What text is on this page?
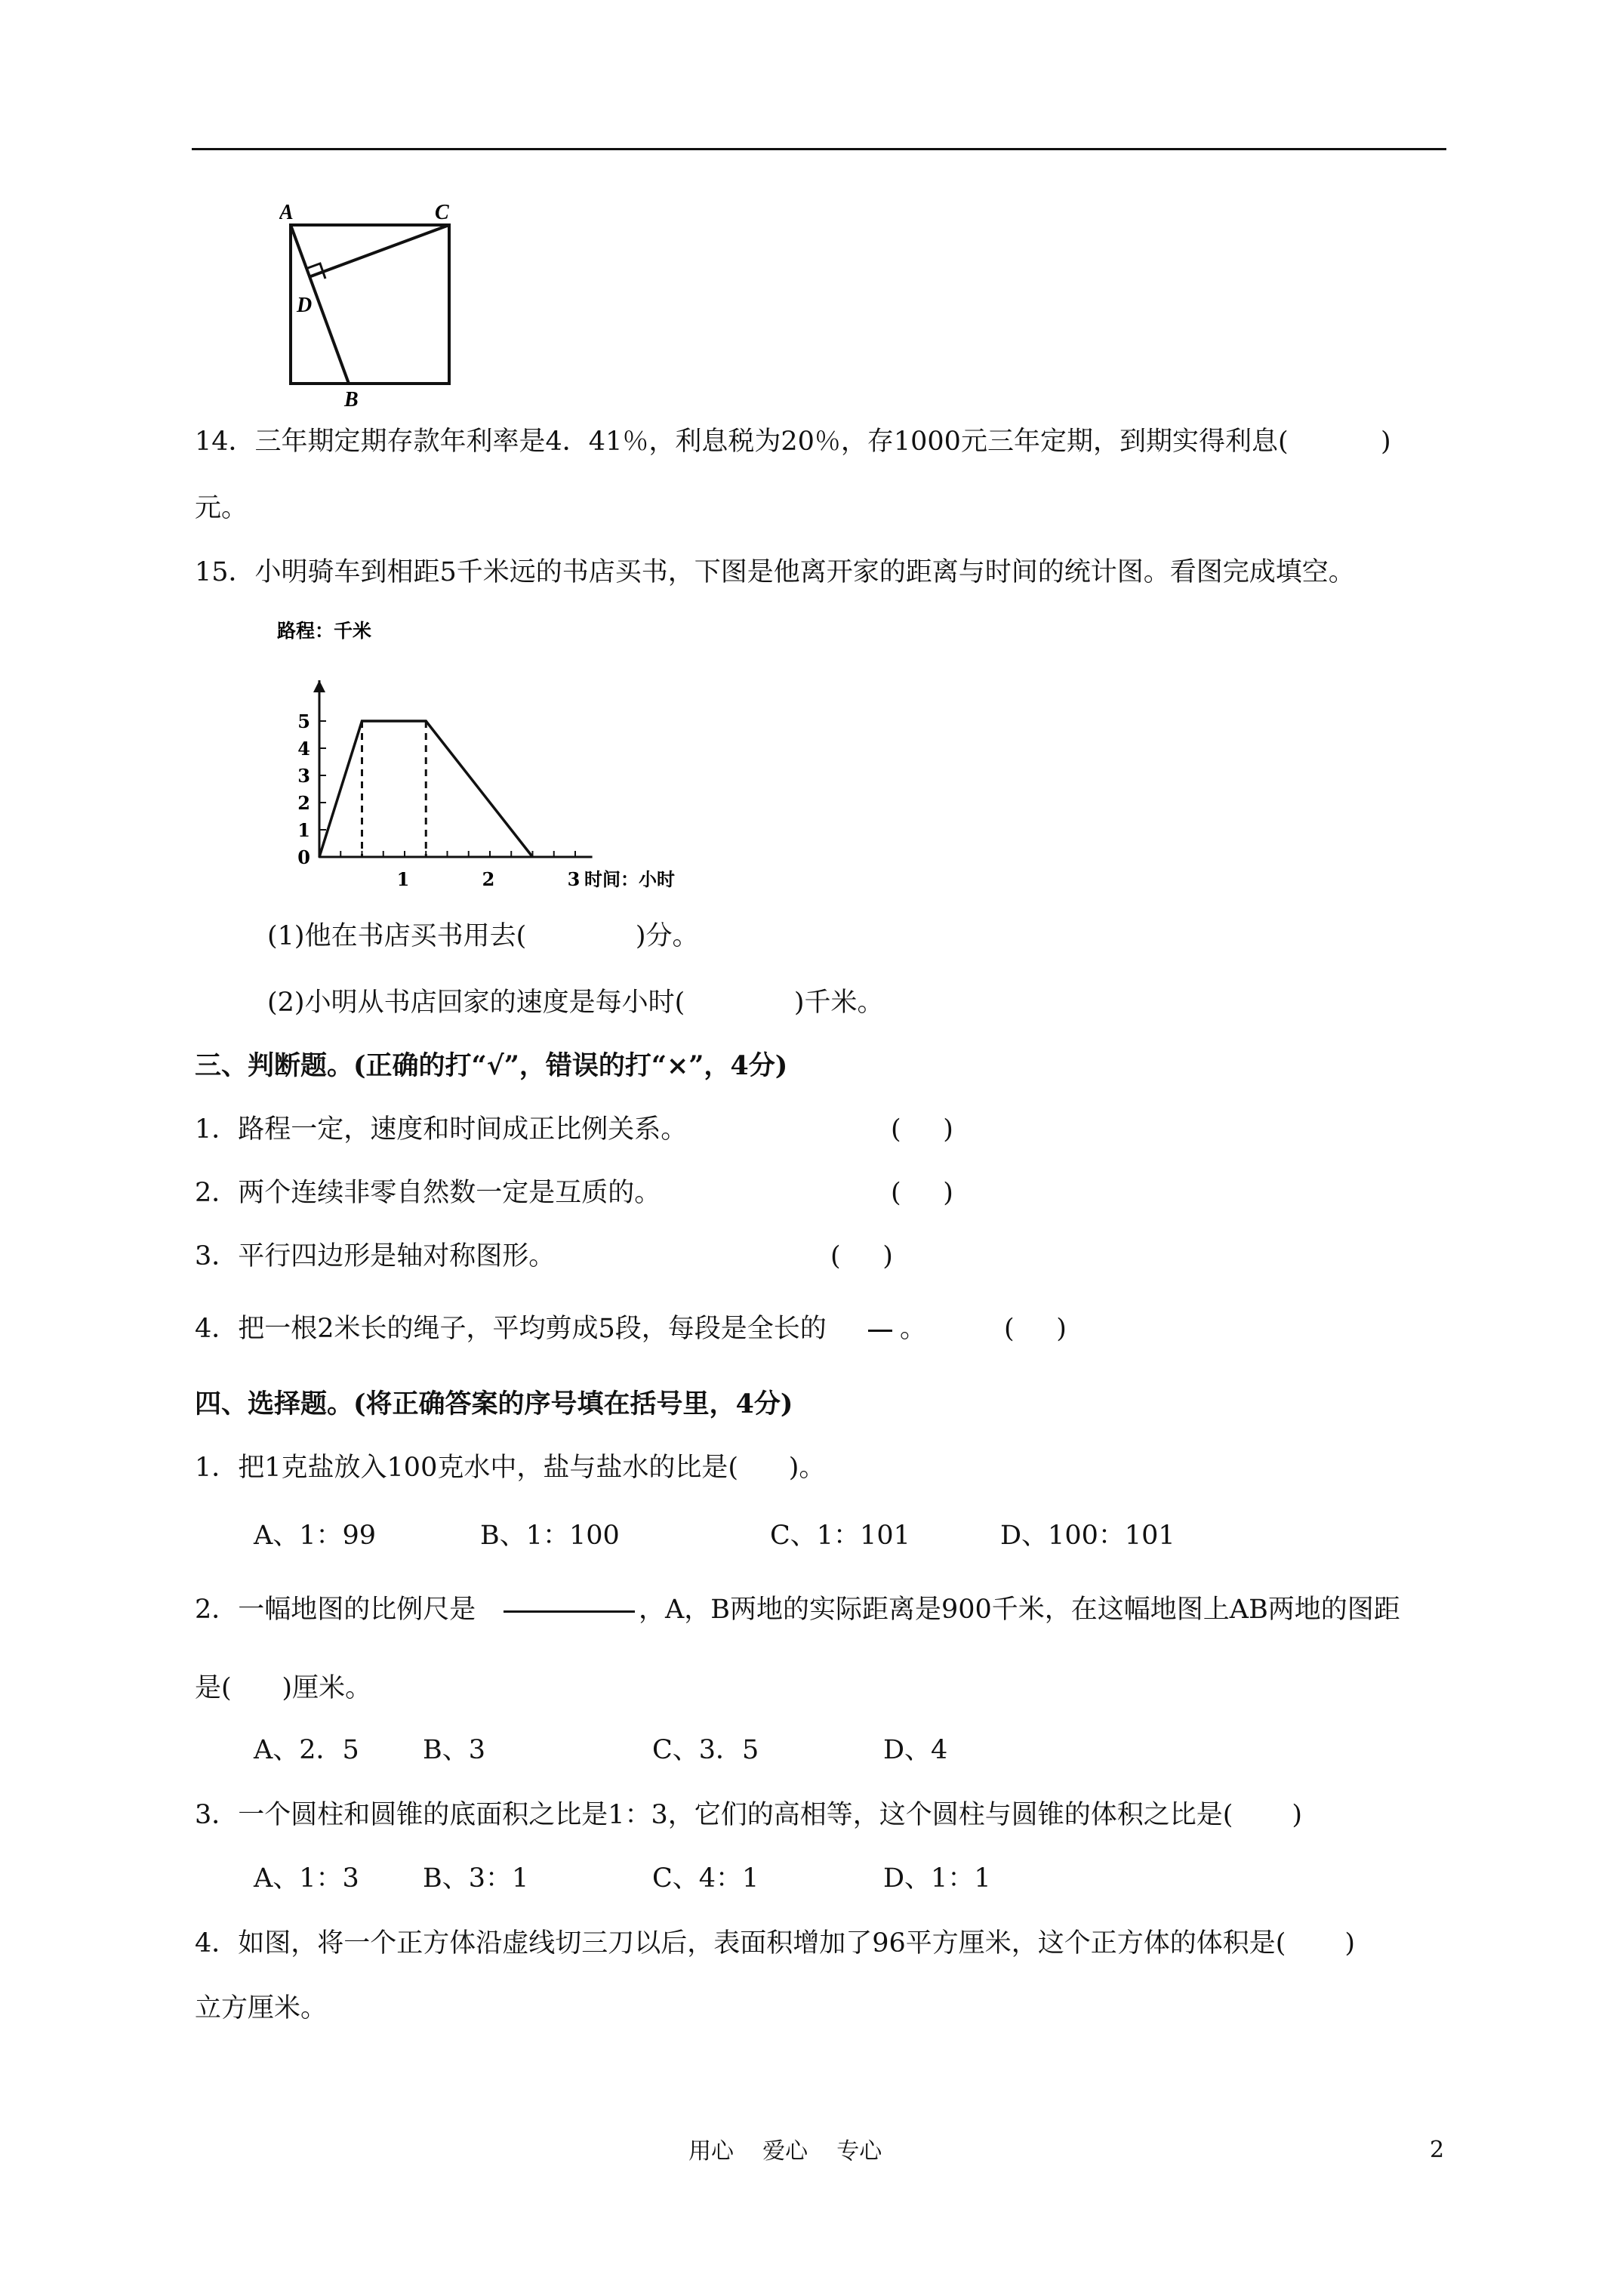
A	C
D
B
14．三年期定期存款年利率是4．41％，利息税为20％，存1000元三年定期，到期实得利息(           )
元。
15．小明骑车到相距5千米远的书店买书，下图是他离开家的距离与时间的统计图。看图完成填空。
路程：千米
0
1
2
3
4
5
1	2	3 时间：小时
(1)他在书店买书用去(             )分。
(2)小明从书店回家的速度是每小时(             )千米。
三、判断题。(正确的打“√”，错误的打“×”，4分)
1．路程一定，速度和时间成正比例关系。	(     )
2．两个连续非零自然数一定是互质的。	(     )
3．平行四边形是轴对称图形。	(     )
4．把一根2米长的绳子，平均剪成5段，每段是全长的	。	(     )
四、选择题。(将正确答案的序号填在括号里，4分)
1．把1克盐放入100克水中，盐与盐水的比是(      )。
A、1：99	B、1：100	C、1：101	D、100：101
2．一幅地图的比例尺是	，A，B两地的实际距离是900千米，在这幅地图上AB两地的图距
是(      )厘米。
A、2．5 B、3	C、3．5	D、4
3．一个圆柱和圆锥的底面积之比是1：3，它们的高相等，这个圆柱与圆锥的体积之比是(       )
A、1：3 B、3：1	C、4：1	D、1：1
4．如图，将一个正方体沿虚线切三刀以后，表面积增加了96平方厘米，这个正方体的体积是(       )
立方厘米。
用心    爱心    专心	2
